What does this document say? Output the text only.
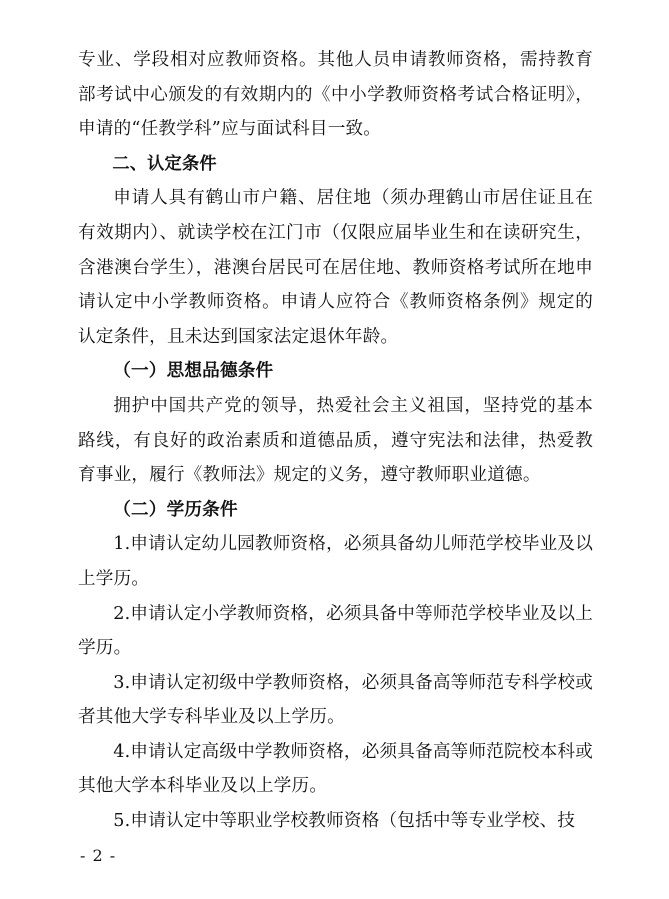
专业、学段相对应教师资格。其他人员申请教师资格，需持教育部考试中心颁发的有效期内的《中小学教师资格考试合格证明》，申请的“任教学科”应与面试科目一致。

二、认定条件

申请人具有鹤山市户籍、居住地（须办理鹤山市居住证且在有效期内）、就读学校在江门市（仅限应届毕业生和在读研究生，含港澳台学生），港澳台居民可在居住地、教师资格考试所在地申请认定中小学教师资格。申请人应符合《教师资格条例》规定的认定条件，且未达到国家法定退休年龄。

（一）思想品德条件

拥护中国共产党的领导，热爱社会主义祖国，坚持党的基本路线，有良好的政治素质和道德品质，遵守宪法和法律，热爱教育事业，履行《教师法》规定的义务，遵守教师职业道德。

（二）学历条件

1.申请认定幼儿园教师资格，必须具备幼儿师范学校毕业及以上学历。

2.申请认定小学教师资格，必须具备中等师范学校毕业及以上学历。

3.申请认定初级中学教师资格，必须具备高等师范专科学校或者其他大学专科毕业及以上学历。

4.申请认定高级中学教师资格，必须具备高等师范院校本科或其他大学本科毕业及以上学历。

5.申请认定中等职业学校教师资格（包括中等专业学校、技

- 2 -
